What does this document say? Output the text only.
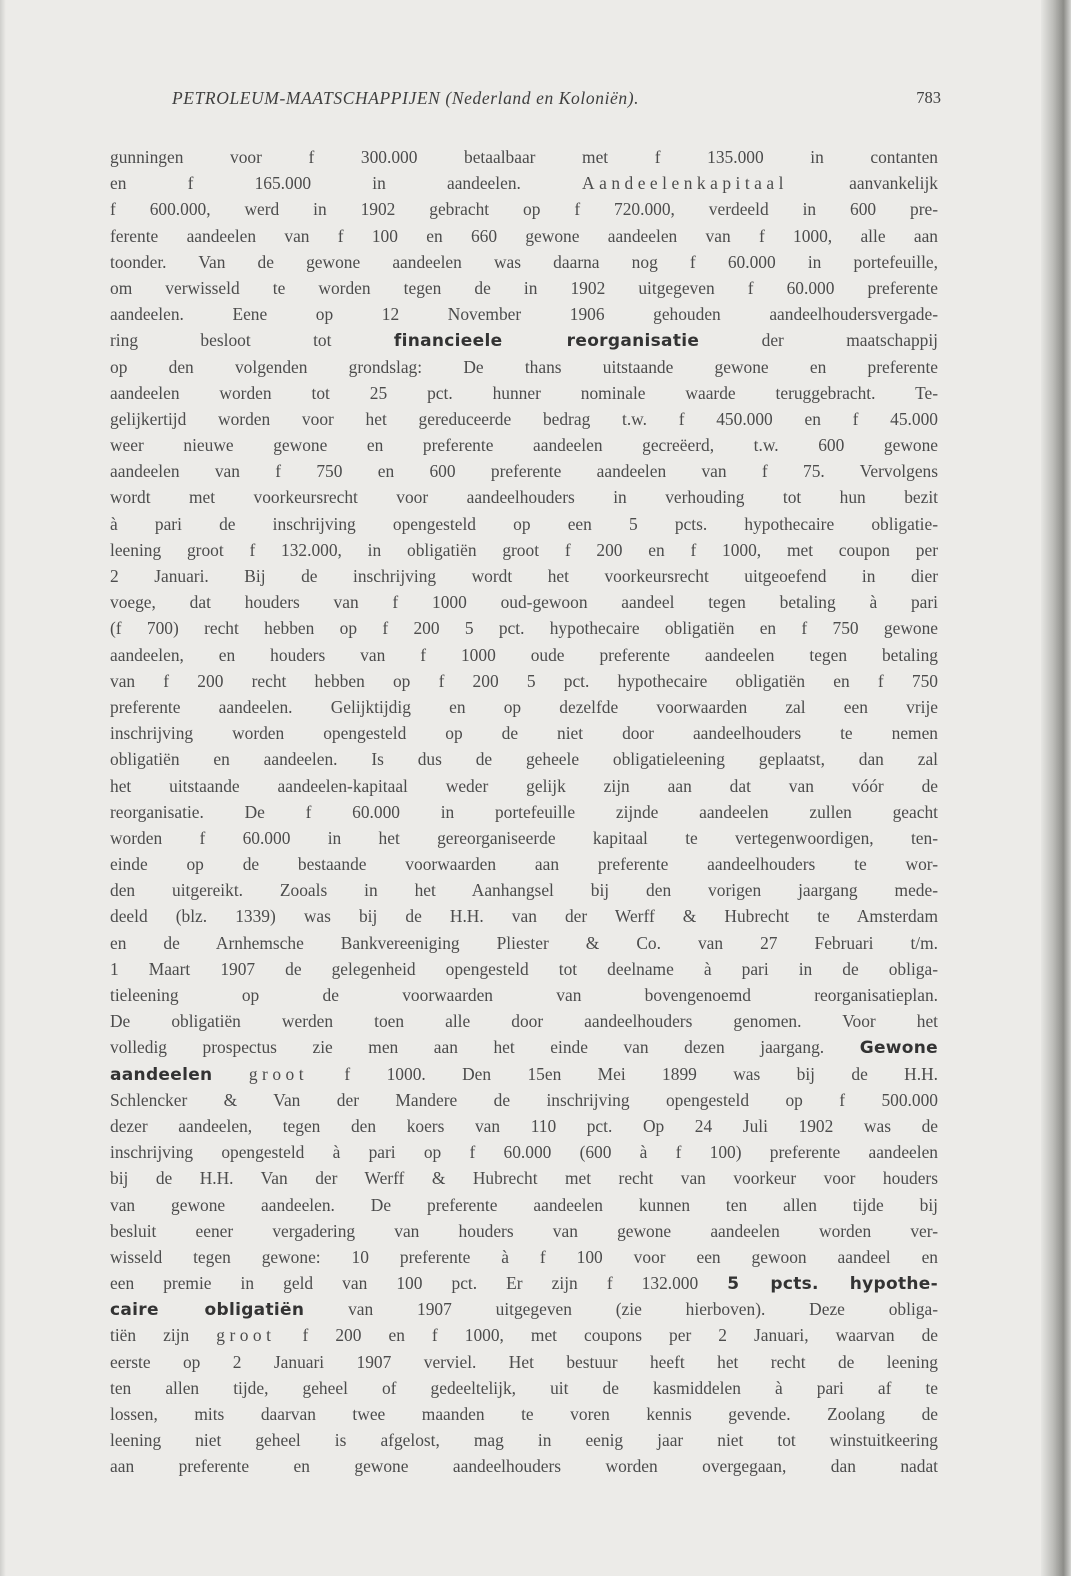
PETROLEUM-MAATSCHAPPIJEN (Nederland en Koloniën).	783
gunningen voor f 300.000 betaalbaar met f 135.000 in contanten
en f 165.000 in aandeelen. Aandeelenkapitaal aanvankelijk
f 600.000, werd in 1902 gebracht op f 720.000, verdeeld in 600 pre-
ferente aandeelen van f 100 en 660 gewone aandeelen van f 1000, alle aan
toonder. Van de gewone aandeelen was daarna nog f 60.000 in portefeuille,
om verwisseld te worden tegen de in 1902 uitgegeven f 60.000 preferente
aandeelen. Eene op 12 November 1906 gehouden aandeelhoudersvergade-
ring besloot tot financieele reorganisatie der maatschappij
op den volgenden grondslag: De thans uitstaande gewone en preferente
aandeelen worden tot 25 pct. hunner nominale waarde teruggebracht. Te-
gelijkertijd worden voor het gereduceerde bedrag t.w. f 450.000 en f 45.000
weer nieuwe gewone en preferente aandeelen gecreëerd, t.w. 600 gewone
aandeelen van f 750 en 600 preferente aandeelen van f 75. Vervolgens
wordt met voorkeursrecht voor aandeelhouders in verhouding tot hun bezit
à pari de inschrijving opengesteld op een 5 pcts. hypothecaire obligatie-
leening groot f 132.000, in obligatiën groot f 200 en f 1000, met coupon per
2 Januari. Bij de inschrijving wordt het voorkeursrecht uitgeoefend in dier
voege, dat houders van f 1000 oud-gewoon aandeel tegen betaling à pari
(f 700) recht hebben op f 200 5 pct. hypothecaire obligatiën en f 750 gewone
aandeelen, en houders van f 1000 oude preferente aandeelen tegen betaling
van f 200 recht hebben op f 200 5 pct. hypothecaire obligatiën en f 750
preferente aandeelen. Gelijktijdig en op dezelfde voorwaarden zal een vrije
inschrijving worden opengesteld op de niet door aandeelhouders te nemen
obligatiën en aandeelen. Is dus de geheele obligatieleening geplaatst, dan zal
het uitstaande aandeelen-kapitaal weder gelijk zijn aan dat van vóór de
reorganisatie. De f 60.000 in portefeuille zijnde aandeelen zullen geacht
worden f 60.000 in het gereorganiseerde kapitaal te vertegenwoordigen, ten-
einde op de bestaande voorwaarden aan preferente aandeelhouders te wor-
den uitgereikt. Zooals in het Aanhangsel bij den vorigen jaargang mede-
deeld (blz. 1339) was bij de H.H. van der Werff & Hubrecht te Amsterdam
en de Arnhemsche Bankvereeniging Pliester & Co. van 27 Februari t/m.
1 Maart 1907 de gelegenheid opengesteld tot deelname à pari in de obliga-
tieleening op de voorwaarden van bovengenoemd reorganisatieplan.
De obligatiën werden toen alle door aandeelhouders genomen. Voor het
volledig prospectus zie men aan het einde van dezen jaargang. Gewone
aandeelen groot f 1000. Den 15en Mei 1899 was bij de H.H.
Schlencker & Van der Mandere de inschrijving opengesteld op f 500.000
dezer aandeelen, tegen den koers van 110 pct. Op 24 Juli 1902 was de
inschrijving opengesteld à pari op f 60.000 (600 à f 100) preferente aandeelen
bij de H.H. Van der Werff & Hubrecht met recht van voorkeur voor houders
van gewone aandeelen. De preferente aandeelen kunnen ten allen tijde bij
besluit eener vergadering van houders van gewone aandeelen worden ver-
wisseld tegen gewone: 10 preferente à f 100 voor een gewoon aandeel en
een premie in geld van 100 pct. Er zijn f 132.000 5 pcts. hypothe-
caire obligatiën van 1907 uitgegeven (zie hierboven). Deze obliga-
tiën zijn groot f 200 en f 1000, met coupons per 2 Januari, waarvan de
eerste op 2 Januari 1907 verviel. Het bestuur heeft het recht de leening
ten allen tijde, geheel of gedeeltelijk, uit de kasmiddelen à pari af te
lossen, mits daarvan twee maanden te voren kennis gevende. Zoolang de
leening niet geheel is afgelost, mag in eenig jaar niet tot winstuitkeering
aan preferente en gewone aandeelhouders worden overgegaan, dan nadat
